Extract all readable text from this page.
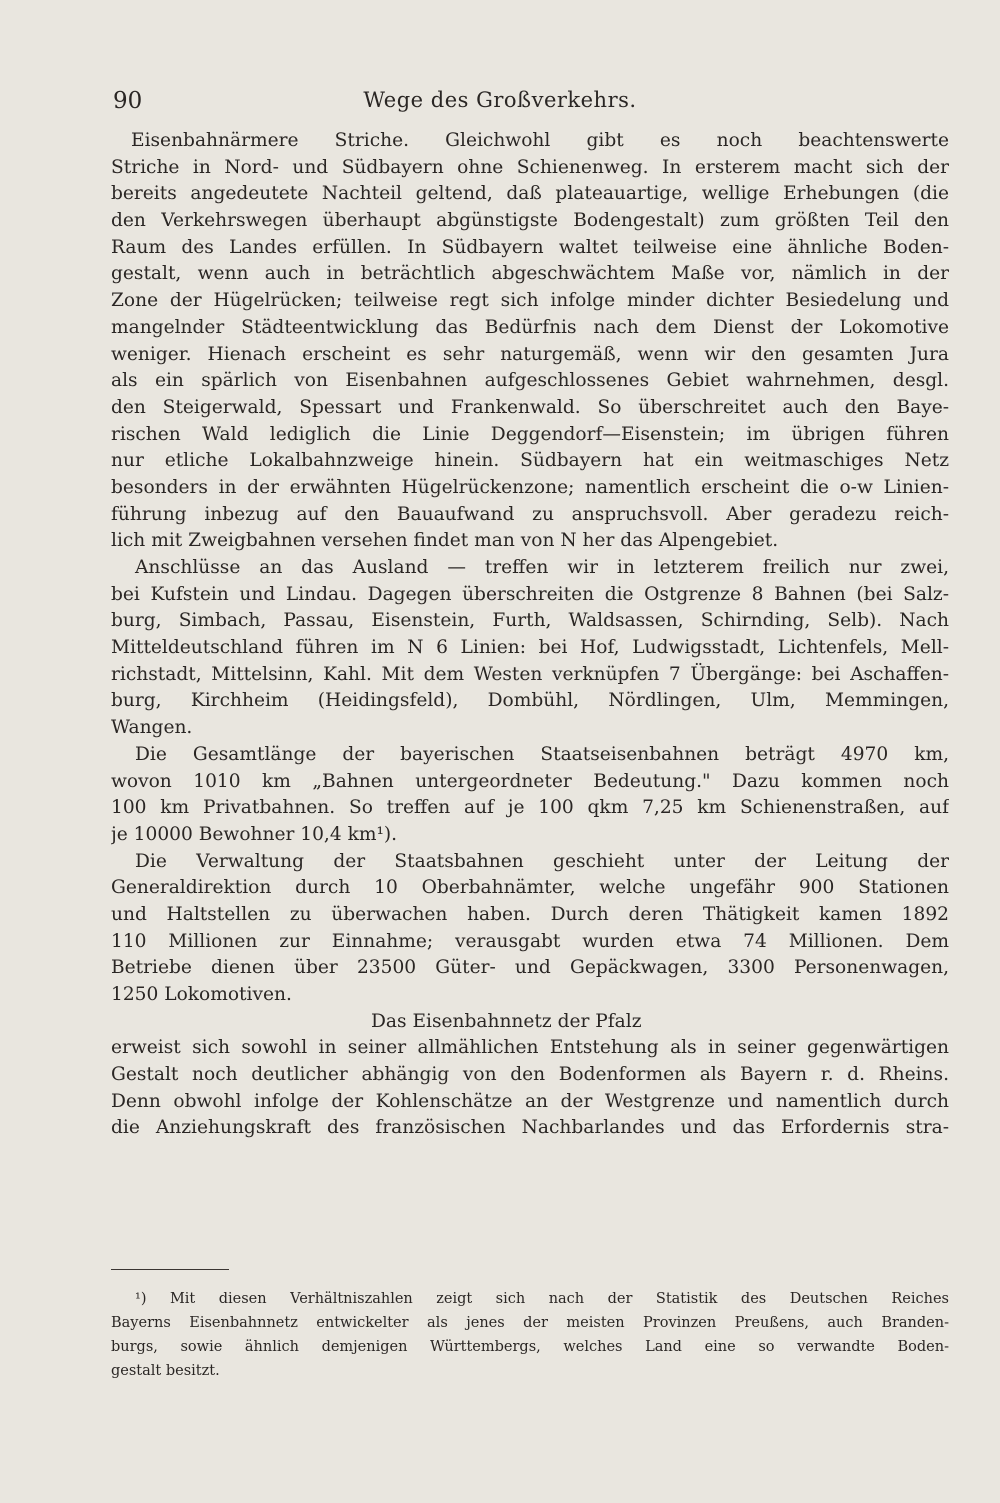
90	Wege des Großverkehrs.
Eisenbahnärmere Striche. Gleichwohl gibt es noch beachtenswerte
Striche in Nord- und Südbayern ohne Schienenweg. In ersterem macht sich der
bereits angedeutete Nachteil geltend, daß plateauartige, wellige Erhebungen (die
den Verkehrswegen überhaupt abgünstigste Bodengestalt) zum größten Teil den
Raum des Landes erfüllen. In Südbayern waltet teilweise eine ähnliche Boden-
gestalt, wenn auch in beträchtlich abgeschwächtem Maße vor, nämlich in der
Zone der Hügelrücken; teilweise regt sich infolge minder dichter Besiedelung und
mangelnder Städteentwicklung das Bedürfnis nach dem Dienst der Lokomotive
weniger. Hienach erscheint es sehr naturgemäß, wenn wir den gesamten Jura
als ein spärlich von Eisenbahnen aufgeschlossenes Gebiet wahrnehmen, desgl.
den Steigerwald, Spessart und Frankenwald. So überschreitet auch den Baye-
rischen Wald lediglich die Linie Deggendorf—Eisenstein; im übrigen führen
nur etliche Lokalbahnzweige hinein. Südbayern hat ein weitmaschiges Netz
besonders in der erwähnten Hügelrückenzone; namentlich erscheint die o-w Linien-
führung inbezug auf den Bauaufwand zu anspruchsvoll. Aber geradezu reich-
lich mit Zweigbahnen versehen findet man von N her das Alpengebiet.
Anschlüsse an das Ausland — treffen wir in letzterem freilich nur zwei,
bei Kufstein und Lindau. Dagegen überschreiten die Ostgrenze 8 Bahnen (bei Salz-
burg, Simbach, Passau, Eisenstein, Furth, Waldsassen, Schirnding, Selb). Nach
Mitteldeutschland führen im N 6 Linien: bei Hof, Ludwigsstadt, Lichtenfels, Mell-
richstadt, Mittelsinn, Kahl. Mit dem Westen verknüpfen 7 Übergänge: bei Aschaffen-
burg, Kirchheim (Heidingsfeld), Dombühl, Nördlingen, Ulm, Memmingen,
Wangen.
Die Gesamtlänge der bayerischen Staatseisenbahnen beträgt 4970 km,
wovon 1010 km „Bahnen untergeordneter Bedeutung." Dazu kommen noch
100 km Privatbahnen. So treffen auf je 100 qkm 7,25 km Schienenstraßen, auf
je 10000 Bewohner 10,4 km¹).
Die Verwaltung der Staatsbahnen geschieht unter der Leitung der
Generaldirektion durch 10 Oberbahnämter, welche ungefähr 900 Stationen
und Haltstellen zu überwachen haben. Durch deren Thätigkeit kamen 1892
110 Millionen zur Einnahme; verausgabt wurden etwa 74 Millionen. Dem
Betriebe dienen über 23500 Güter- und Gepäckwagen, 3300 Personenwagen,
1250 Lokomotiven.
Das Eisenbahnnetz der Pfalz
erweist sich sowohl in seiner allmählichen Entstehung als in seiner gegenwärtigen
Gestalt noch deutlicher abhängig von den Bodenformen als Bayern r. d. Rheins.
Denn obwohl infolge der Kohlenschätze an der Westgrenze und namentlich durch
die Anziehungskraft des französischen Nachbarlandes und das Erfordernis stra-
¹) Mit diesen Verhältniszahlen zeigt sich nach der Statistik des Deutschen Reiches
Bayerns Eisenbahnnetz entwickelter als jenes der meisten Provinzen Preußens, auch Branden-
burgs, sowie ähnlich demjenigen Württembergs, welches Land eine so verwandte Boden-
gestalt besitzt.
